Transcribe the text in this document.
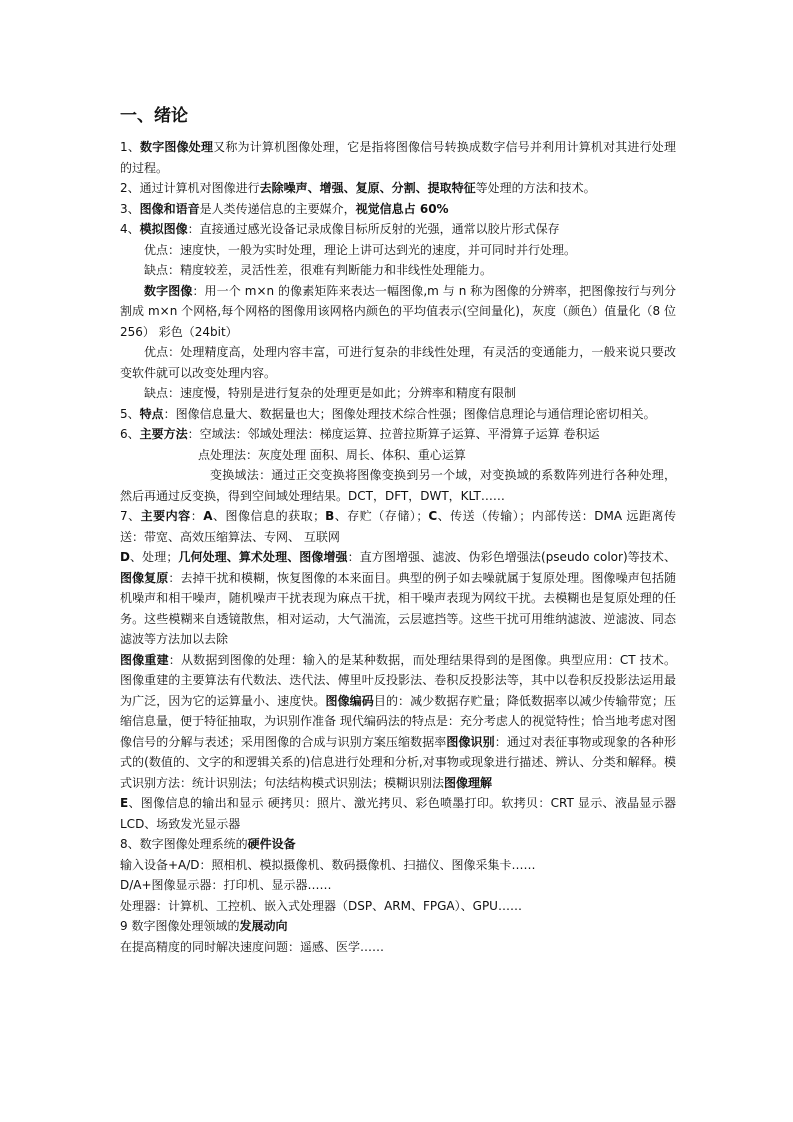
一、绪论

1、数字图像处理又称为计算机图像处理，它是指将图像信号转换成数字信号并利用计算机对其进行处理的过程。

2、通过计算机对图像进行去除噪声、增强、复原、分割、提取特征等处理的方法和技术。

3、图像和语音是人类传递信息的主要媒介，视觉信息占 60%

4、模拟图像：直接通过感光设备记录成像目标所反射的光强，通常以胶片形式保存

优点：速度快，一般为实时处理，理论上讲可达到光的速度，并可同时并行处理。

缺点：精度较差，灵活性差，很难有判断能力和非线性处理能力。

数字图像：用一个 m×n 的像素矩阵来表达一幅图像,m 与 n 称为图像的分辨率，把图像按行与列分割成 m×n 个网格,每个网格的图像用该网格内颜色的平均值表示(空间量化)，灰度（颜色）值量化（8 位 256） 彩色（24bit）

优点：处理精度高，处理内容丰富，可进行复杂的非线性处理，有灵活的变通能力，一般来说只要改变软件就可以改变处理内容。

缺点：速度慢，特别是进行复杂的处理更是如此；分辨率和精度有限制

5、特点：图像信息量大、数据量也大；图像处理技术综合性强；图像信息理论与通信理论密切相关。

6、主要方法：空域法：邻域处理法：梯度运算、拉普拉斯算子运算、平滑算子运算 卷积运

点处理法：灰度处理 面积、周长、体积、重心运算

变换域法：通过正交变换将图像变换到另一个域，对变换域的系数阵列进行各种处理，然后再通过反变换，得到空间域处理结果。DCT，DFT，DWT，KLT……

7、主要内容：A、图像信息的获取；B、存贮（存储）；C、传送（传输）；内部传送：DMA 远距离传送：带宽、高效压缩算法、专网、 互联网

D、处理；几何处理、算术处理、图像增强：直方图增强、滤波、伪彩色增强法(pseudo color)等技术、图像复原：去掉干扰和模糊，恢复图像的本来面目。典型的例子如去噪就属于复原处理。图像噪声包括随机噪声和相干噪声，随机噪声干扰表现为麻点干扰，相干噪声表现为网纹干扰。去模糊也是复原处理的任务。这些模糊来自透镜散焦，相对运动，大气湍流，云层遮挡等。这些干扰可用维纳滤波、逆滤波、同态滤波等方法加以去除

图像重建：从数据到图像的处理：输入的是某种数据，而处理结果得到的是图像。典型应用：CT 技术。 图像重建的主要算法有代数法、迭代法、傅里叶反投影法、卷积反投影法等，其中以卷积反投影法运用最为广泛，因为它的运算量小、速度快。图像编码目的：减少数据存贮量；降低数据率以减少传输带宽；压缩信息量，便于特征抽取，为识别作准备 现代编码法的特点是：充分考虑人的视觉特性；恰当地考虑对图像信号的分解与表述；采用图像的合成与识别方案压缩数据率图像识别：通过对表征事物或现象的各种形式的(数值的、文字的和逻辑关系的)信息进行处理和分析,对事物或现象进行描述、辨认、分类和解释。模式识别方法：统计识别法；句法结构模式识别法；模糊识别法图像理解

E、图像信息的输出和显示 硬拷贝：照片、激光拷贝、彩色喷墨打印。软拷贝：CRT 显示、液晶显示器 LCD、场致发光显示器

8、数字图像处理系统的硬件设备

输入设备+A/D：照相机、模拟摄像机、数码摄像机、扫描仪、图像采集卡……

D/A+图像显示器：打印机、显示器……

处理器：计算机、工控机、嵌入式处理器（DSP、ARM、FPGA）、GPU……

9 数字图像处理领域的发展动向

在提高精度的同时解决速度问题：遥感、医学……
